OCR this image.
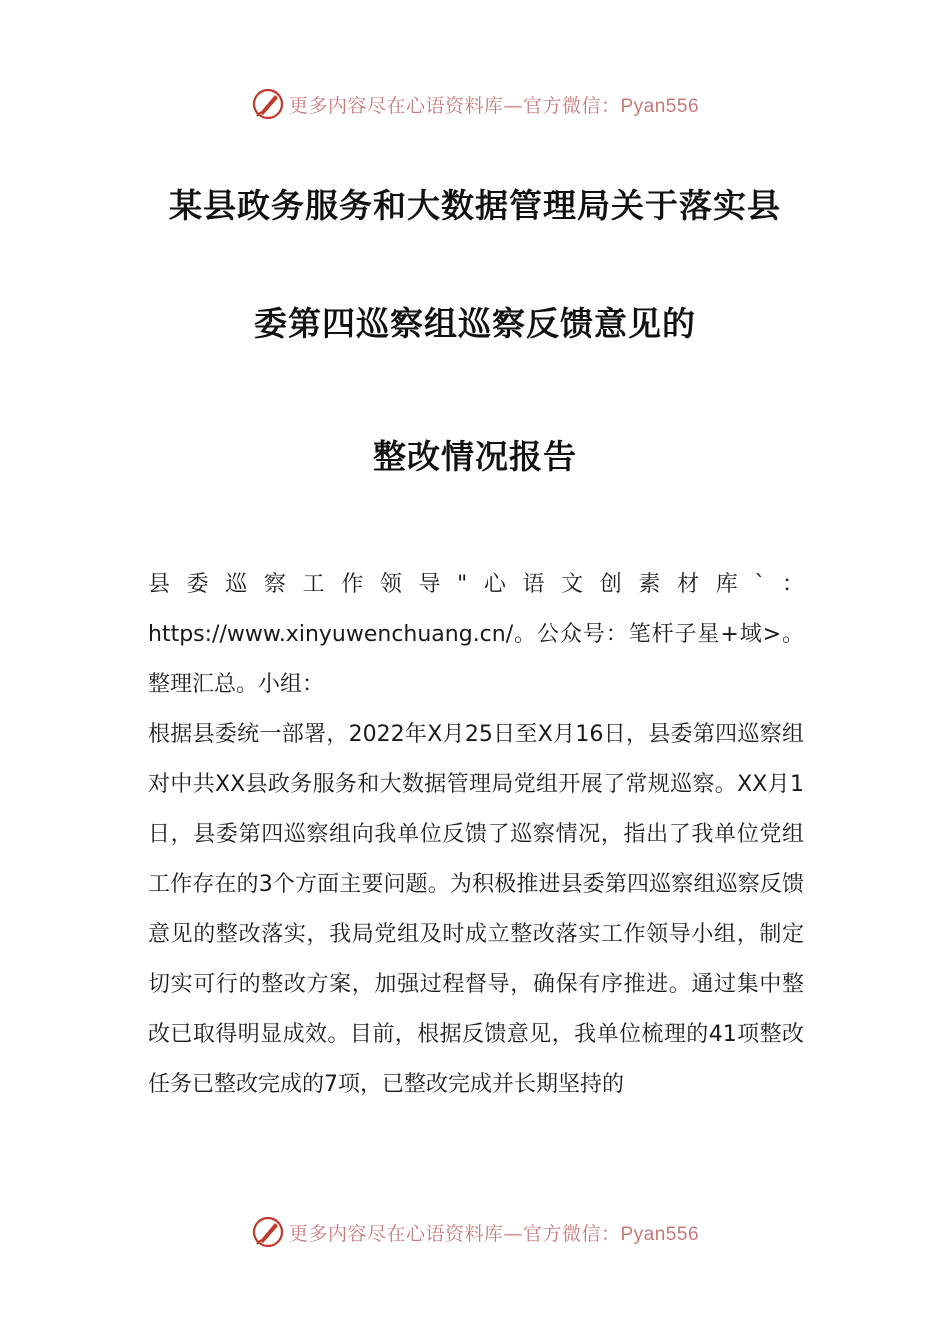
更多内容尽在心语资料库—官方微信：Pyan556
某县政务服务和大数据管理局关于落实县
委第四巡察组巡察反馈意见的
整改情况报告

县委巡察工作领导"心语文创素材库`：https://www.xinyuwenchuang.cn/。公众号：笔杆子星+域>。整理汇总。小组：

根据县委统一部署，2022年X月25日至X月16日，县委第四巡察组对中共XX县政务服务和大数据管理局党组开展了常规巡察。XX月1日，县委第四巡察组向我单位反馈了巡察情况，指出了我单位党组工作存在的3个方面主要问题。为积极推进县委第四巡察组巡察反馈意见的整改落实，我局党组及时成立整改落实工作领导小组，制定切实可行的整改方案，加强过程督导，确保有序推进。通过集中整改已取得明显成效。目前，根据反馈意见，我单位梳理的41项整改任务已整改完成的7项，已整改完成并长期坚持的

更多内容尽在心语资料库—官方微信：Pyan556
